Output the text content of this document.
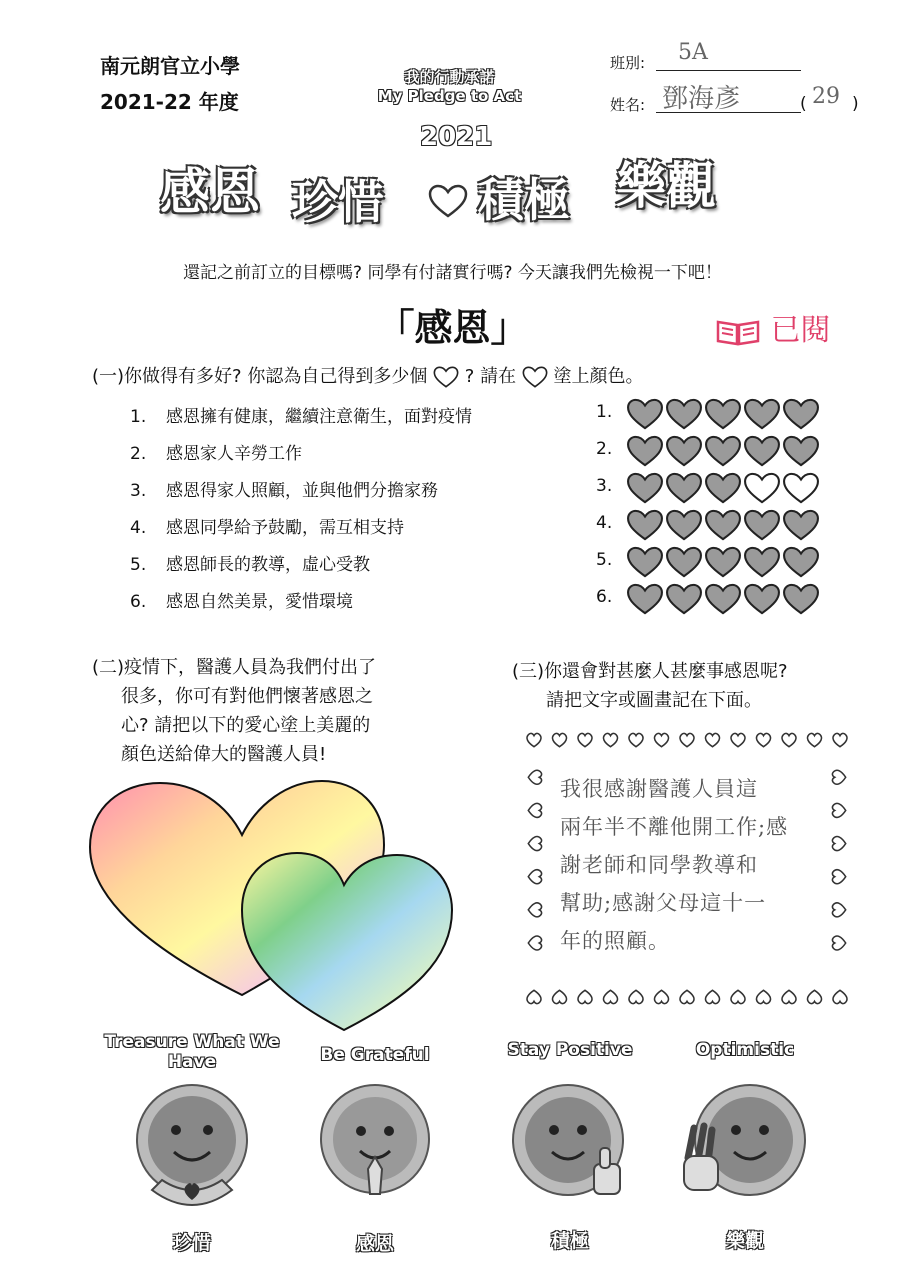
南元朗官立小學
2021-22 年度
我的行動承諾
My Pledge to Act
2021
感恩 珍惜 積極 樂觀
班別: 5A
姓名: 鄧海彥	( 29 )
還記之前訂立的目標嗎? 同學有付諸實行嗎? 今天讓我們先檢視一下吧！
「感恩」	已閱
(一)你做得有多好? 你認為自己得到多少個 ? 請在 塗上顏色。
1. 感恩擁有健康，繼續注意衛生，面對疫情	1.
2. 感恩家人辛勞工作	2.
3. 感恩得家人照顧，並與他們分擔家務	3.
4. 感恩同學給予鼓勵，需互相支持	4.
5. 感恩師長的教導，虛心受教	5.
6. 感恩自然美景，愛惜環境	6.
(二)疫情下，醫護人員為我們付出了
很多，你可有對他們懷著感恩之
心? 請把以下的愛心塗上美麗的
顏色送給偉大的醫護人員!
(三)你還會對甚麼人甚麼事感恩呢?
請把文字或圖畫記在下面。
我很感謝醫護人員這
兩年半不離他開工作;感
謝老師和同學教導和
幫助;感謝父母這十一
年的照顧。
Treasure What We Have
珍惜
Be Grateful
感恩
Stay Positive
積極
Optimistic
樂觀
